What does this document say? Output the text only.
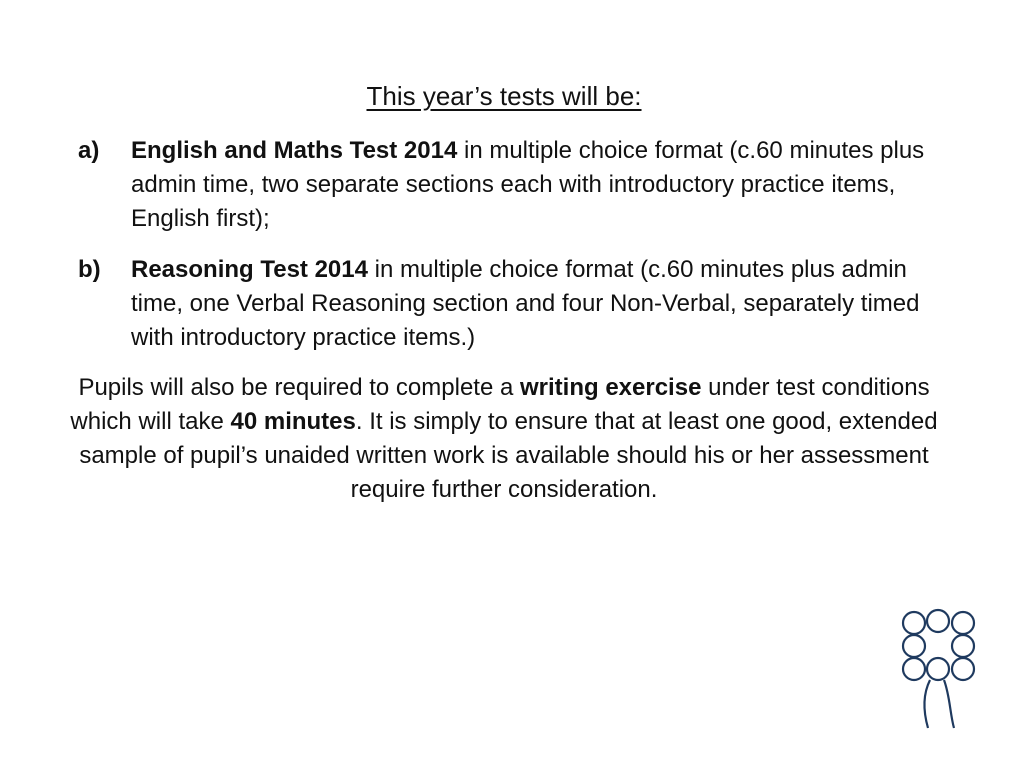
This year’s tests will be:
a) English and Maths Test 2014 in multiple choice format (c.60 minutes plus admin time, two separate sections each with introductory practice items, English first);
b) Reasoning Test 2014 in multiple choice format (c.60 minutes plus admin time, one Verbal Reasoning section and four Non-Verbal, separately timed with introductory practice items.)
Pupils will also be required to complete a writing exercise under test conditions which will take 40 minutes. It is simply to ensure that at least one good, extended sample of pupil’s unaided written work is available should his or her assessment require further consideration.
